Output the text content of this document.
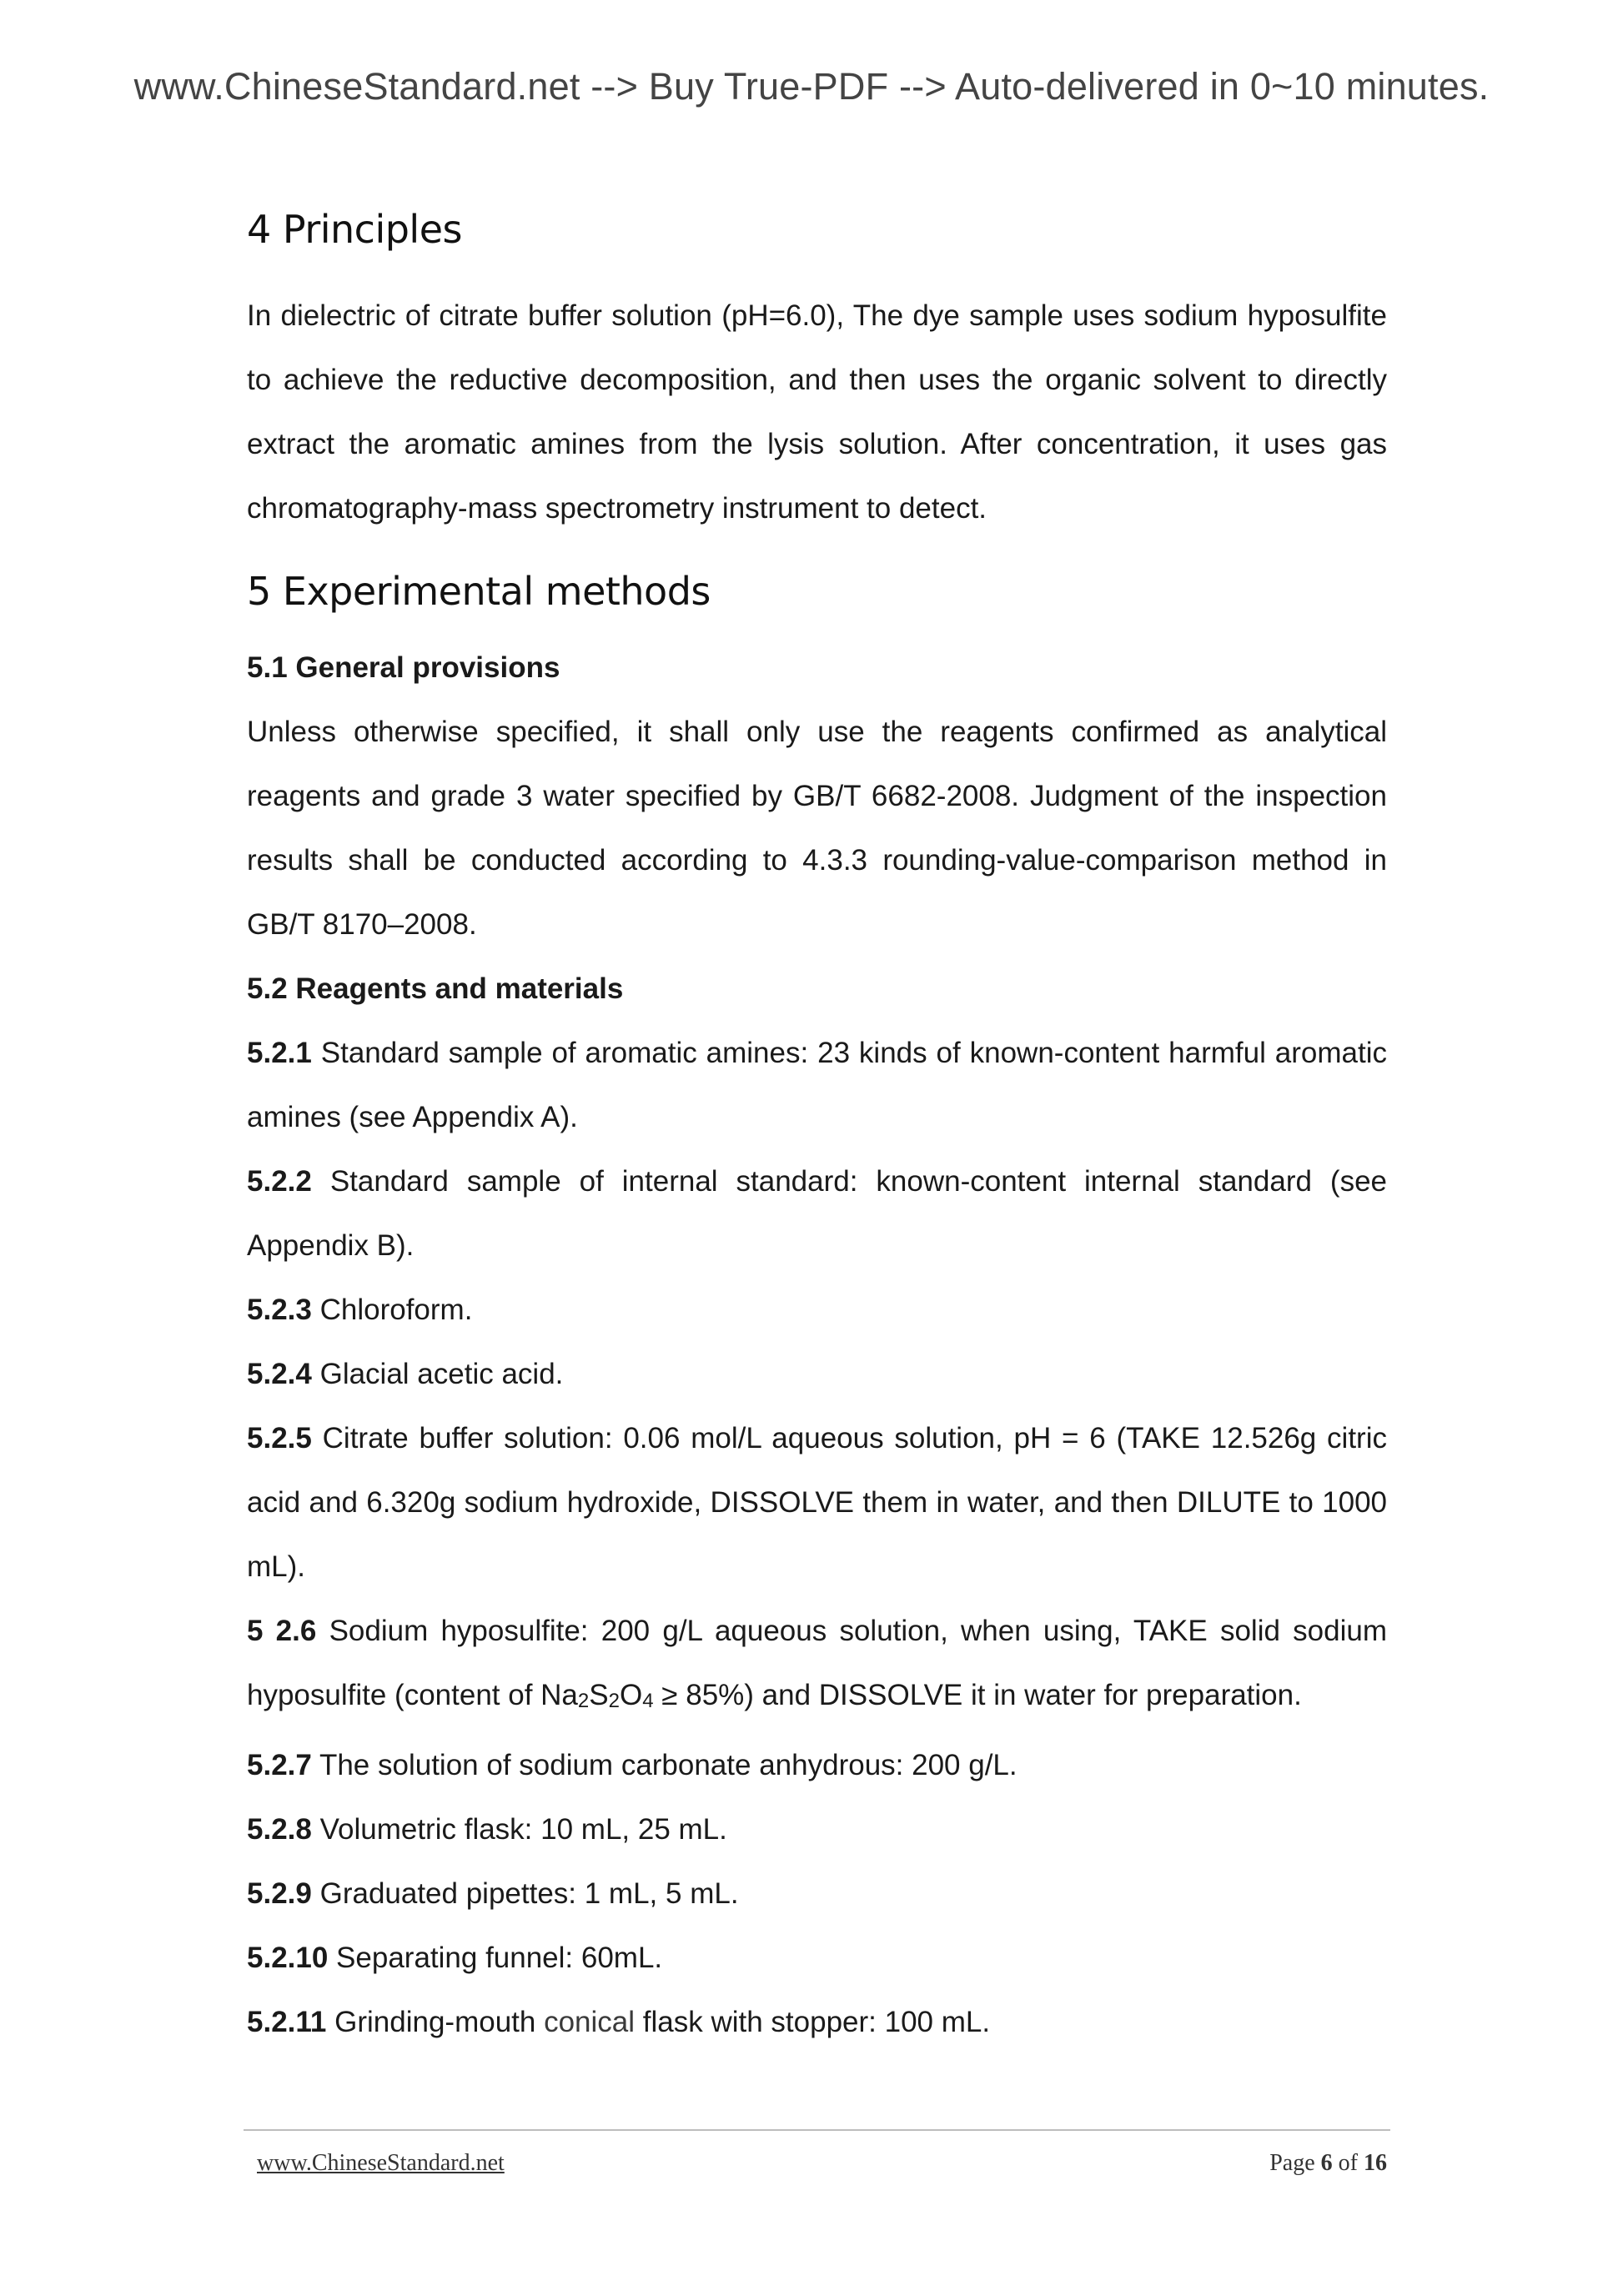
www.ChineseStandard.net --> Buy True-PDF --> Auto-delivered in 0~10 minutes.
4 Principles

In dielectric of citrate buffer solution (pH=6.0), The dye sample uses sodium hyposulfite to achieve the reductive decomposition, and then uses the organic solvent to directly extract the aromatic amines from the lysis solution. After concentration, it uses gas chromatography-mass spectrometry instrument to detect.

5 Experimental methods

5.1 General provisions

Unless otherwise specified, it shall only use the reagents confirmed as analytical reagents and grade 3 water specified by GB/T 6682-2008. Judgment of the inspection results shall be conducted according to 4.3.3 rounding-value-comparison method in GB/T 8170–2008.

5.2 Reagents and materials

5.2.1 Standard sample of aromatic amines: 23 kinds of known-content harmful aromatic amines (see Appendix A).

5.2.2 Standard sample of internal standard: known-content internal standard (see Appendix B).

5.2.3 Chloroform.

5.2.4 Glacial acetic acid.

5.2.5 Citrate buffer solution: 0.06 mol/L aqueous solution, pH = 6 (TAKE 12.526g citric acid and 6.320g sodium hydroxide, DISSOLVE them in water, and then DILUTE to 1000 mL).

5 2.6 Sodium hyposulfite: 200 g/L aqueous solution, when using, TAKE solid sodium hyposulfite (content of Na2S2O4 ≥ 85%) and DISSOLVE it in water for preparation.

5.2.7 The solution of sodium carbonate anhydrous: 200 g/L.

5.2.8 Volumetric flask: 10 mL, 25 mL.

5.2.9 Graduated pipettes: 1 mL, 5 mL.

5.2.10 Separating funnel: 60mL.

5.2.11 Grinding-mouth conical flask with stopper: 100 mL.

www.ChineseStandard.net	Page 6 of 16
